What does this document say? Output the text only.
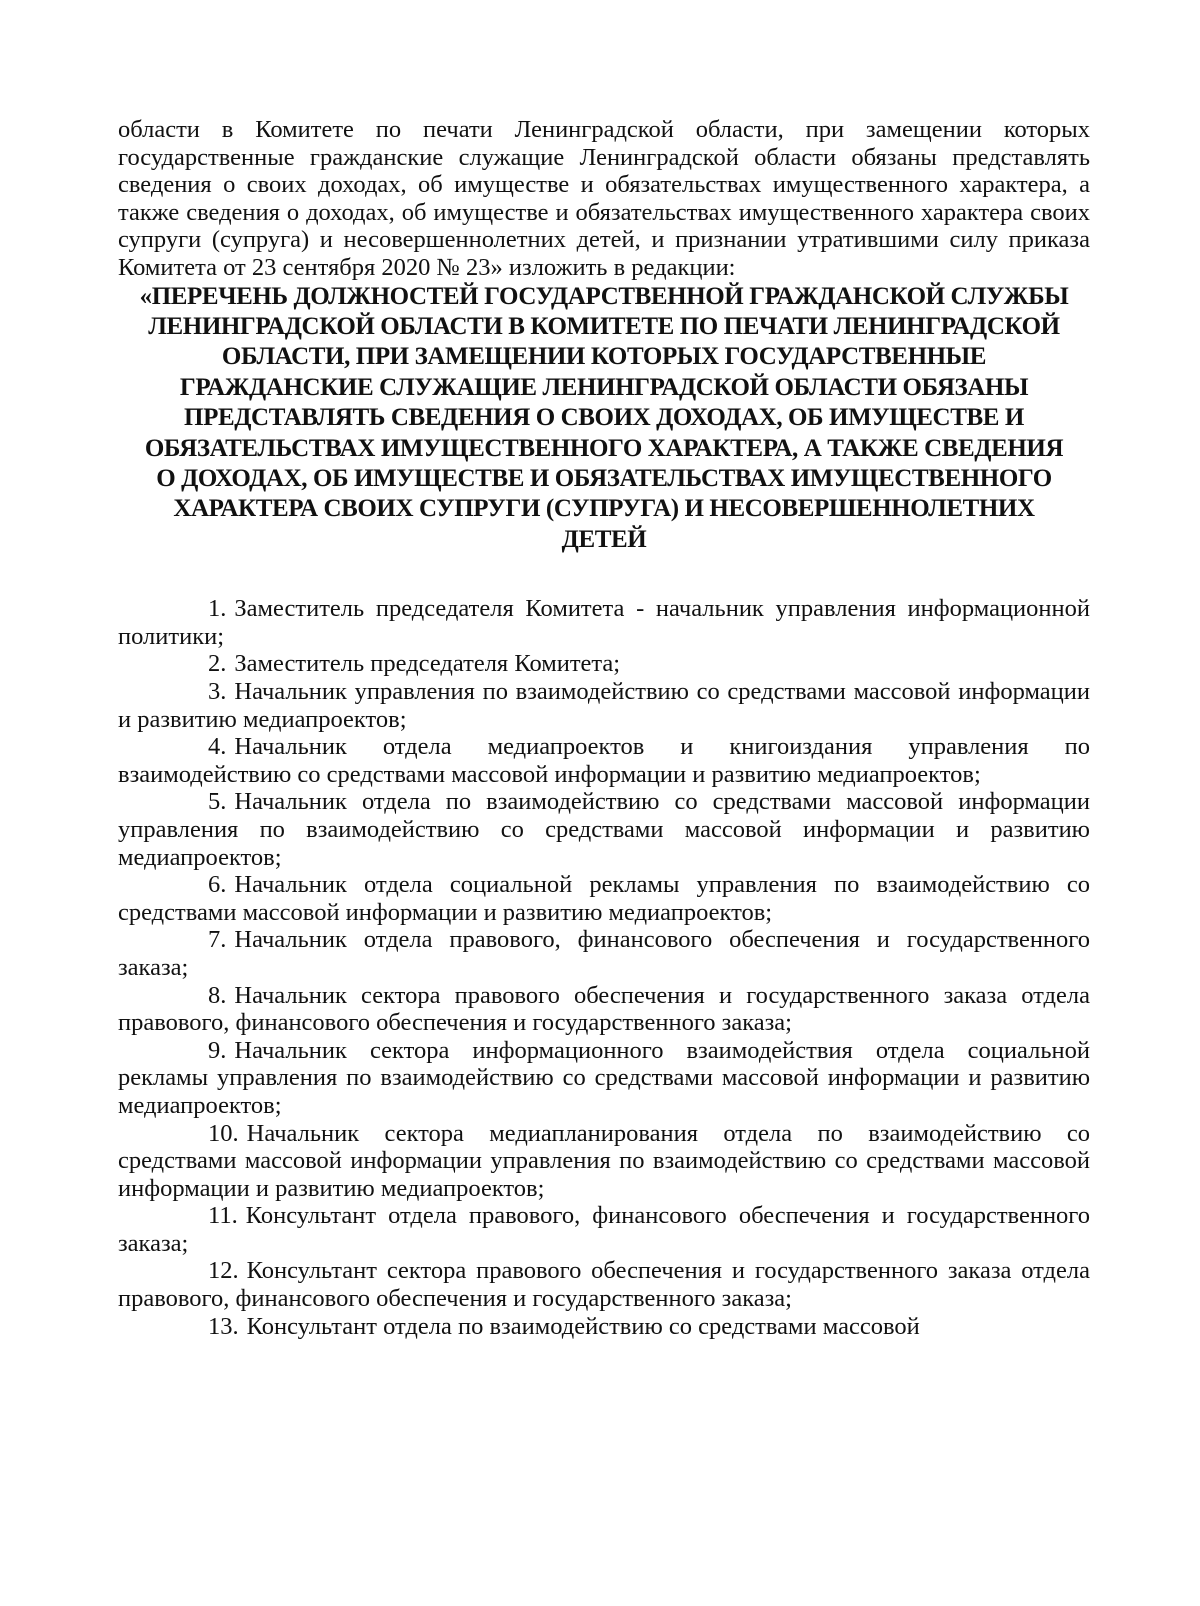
области в Комитете по печати Ленинградской области, при замещении которых государственные гражданские служащие Ленинградской области обязаны представлять сведения о своих доходах, об имуществе и обязательствах имущественного характера, а также сведения о доходах, об имуществе и обязательствах имущественного характера своих супруги (супруга) и несовершеннолетних детей, и признании утратившими силу приказа Комитета от 23 сентября 2020 № 23» изложить в редакции:

«ПЕРЕЧЕНЬ ДОЛЖНОСТЕЙ ГОСУДАРСТВЕННОЙ ГРАЖДАНСКОЙ СЛУЖБЫ ЛЕНИНГРАДСКОЙ ОБЛАСТИ В КОМИТЕТЕ ПО ПЕЧАТИ ЛЕНИНГРАДСКОЙ ОБЛАСТИ, ПРИ ЗАМЕЩЕНИИ КОТОРЫХ ГОСУДАРСТВЕННЫЕ ГРАЖДАНСКИЕ СЛУЖАЩИЕ ЛЕНИНГРАДСКОЙ ОБЛАСТИ ОБЯЗАНЫ ПРЕДСТАВЛЯТЬ СВЕДЕНИЯ О СВОИХ ДОХОДАХ, ОБ ИМУЩЕСТВЕ И ОБЯЗАТЕЛЬСТВАХ ИМУЩЕСТВЕННОГО ХАРАКТЕРА, А ТАКЖЕ СВЕДЕНИЯ О ДОХОДАХ, ОБ ИМУЩЕСТВЕ И ОБЯЗАТЕЛЬСТВАХ ИМУЩЕСТВЕННОГО ХАРАКТЕРА СВОИХ СУПРУГИ (СУПРУГА) И НЕСОВЕРШЕННОЛЕТНИХ ДЕТЕЙ
1. Заместитель председателя Комитета - начальник управления информационной политики;
2. Заместитель председателя Комитета;
3. Начальник управления по взаимодействию со средствами массовой информации и развитию медиапроектов;
4. Начальник отдела медиапроектов и книгоиздания управления по взаимодействию со средствами массовой информации и развитию медиапроектов;
5. Начальник отдела по взаимодействию со средствами массовой информации управления по взаимодействию со средствами массовой информации и развитию медиапроектов;
6. Начальник отдела социальной рекламы управления по взаимодействию со средствами массовой информации и развитию медиапроектов;
7. Начальник отдела правового, финансового обеспечения и государственного заказа;
8. Начальник сектора правового обеспечения и государственного заказа отдела правового, финансового обеспечения и государственного заказа;
9. Начальник сектора информационного взаимодействия отдела социальной рекламы управления по взаимодействию со средствами массовой информации и развитию медиапроектов;
10. Начальник сектора медиапланирования отдела по взаимодействию со средствами массовой информации управления по взаимодействию со средствами массовой информации и развитию медиапроектов;
11. Консультант отдела правового, финансового обеспечения и государственного заказа;
12. Консультант сектора правового обеспечения и государственного заказа отдела правового, финансового обеспечения и государственного заказа;
13. Консультант отдела по взаимодействию со средствами массовой
